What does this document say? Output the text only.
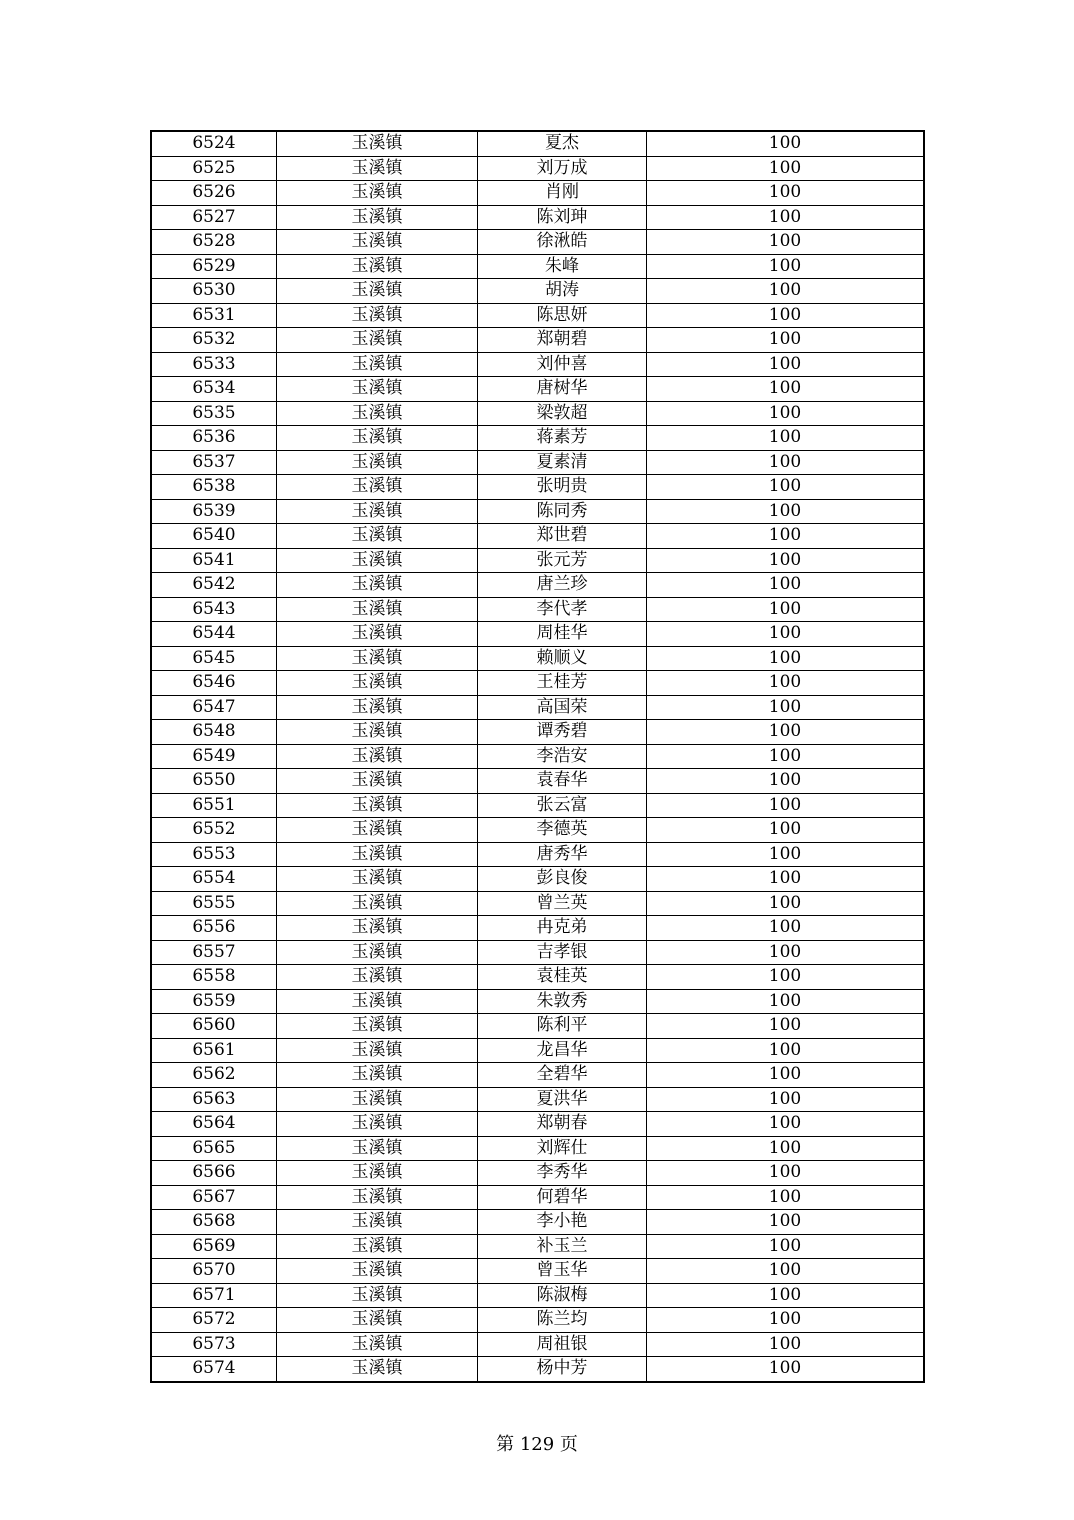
6524	玉溪镇	夏杰	100
6525	玉溪镇	刘万成	100
6526	玉溪镇	肖刚	100
6527	玉溪镇	陈刘珅	100
6528	玉溪镇	徐湫皓	100
6529	玉溪镇	朱峰	100
6530	玉溪镇	胡涛	100
6531	玉溪镇	陈思妍	100
6532	玉溪镇	郑朝碧	100
6533	玉溪镇	刘仲喜	100
6534	玉溪镇	唐树华	100
6535	玉溪镇	梁敦超	100
6536	玉溪镇	蒋素芳	100
6537	玉溪镇	夏素清	100
6538	玉溪镇	张明贵	100
6539	玉溪镇	陈同秀	100
6540	玉溪镇	郑世碧	100
6541	玉溪镇	张元芳	100
6542	玉溪镇	唐兰珍	100
6543	玉溪镇	李代孝	100
6544	玉溪镇	周桂华	100
6545	玉溪镇	赖顺义	100
6546	玉溪镇	王桂芳	100
6547	玉溪镇	高国荣	100
6548	玉溪镇	谭秀碧	100
6549	玉溪镇	李浩安	100
6550	玉溪镇	袁春华	100
6551	玉溪镇	张云富	100
6552	玉溪镇	李德英	100
6553	玉溪镇	唐秀华	100
6554	玉溪镇	彭良俊	100
6555	玉溪镇	曾兰英	100
6556	玉溪镇	冉克弟	100
6557	玉溪镇	吉孝银	100
6558	玉溪镇	袁桂英	100
6559	玉溪镇	朱敦秀	100
6560	玉溪镇	陈利平	100
6561	玉溪镇	龙昌华	100
6562	玉溪镇	全碧华	100
6563	玉溪镇	夏洪华	100
6564	玉溪镇	郑朝春	100
6565	玉溪镇	刘辉仕	100
6566	玉溪镇	李秀华	100
6567	玉溪镇	何碧华	100
6568	玉溪镇	李小艳	100
6569	玉溪镇	补玉兰	100
6570	玉溪镇	曾玉华	100
6571	玉溪镇	陈淑梅	100
6572	玉溪镇	陈兰均	100
6573	玉溪镇	周祖银	100
6574	玉溪镇	杨中芳	100
第 129 页
